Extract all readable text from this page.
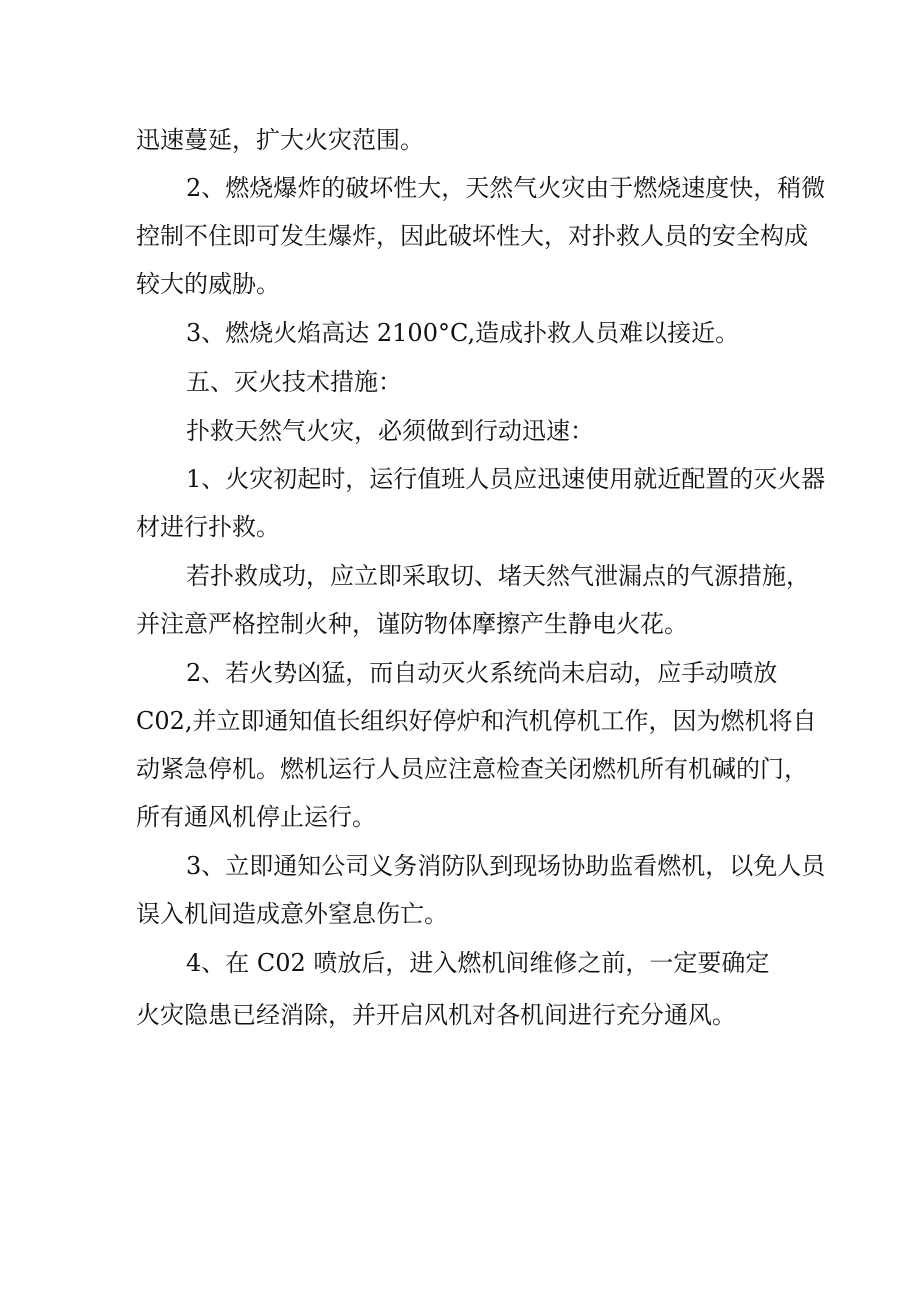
迅速蔓延，扩大火灾范围。
2、燃烧爆炸的破坏性大，天然气火灾由于燃烧速度快，稍微
控制不住即可发生爆炸，因此破坏性大，对扑救人员的安全构成
较大的威胁。
3、燃烧火焰高达 2100°C,造成扑救人员难以接近。
五、灭火技术措施：
扑救天然气火灾，必须做到行动迅速：
1、火灾初起时，运行值班人员应迅速使用就近配置的灭火器
材进行扑救。
若扑救成功，应立即采取切、堵天然气泄漏点的气源措施，
并注意严格控制火种，谨防物体摩擦产生静电火花。
2、若火势凶猛，而自动灭火系统尚未启动，应手动喷放
C02,并立即通知值长组织好停炉和汽机停机工作，因为燃机将自
动紧急停机。燃机运行人员应注意检查关闭燃机所有机碱的门，
所有通风机停止运行。
3、立即通知公司义务消防队到现场协助监看燃机，以免人员
误入机间造成意外窒息伤亡。
4、在 C02 喷放后，进入燃机间维修之前，一定要确定
火灾隐患已经消除，并开启风机对各机间进行充分通风。
